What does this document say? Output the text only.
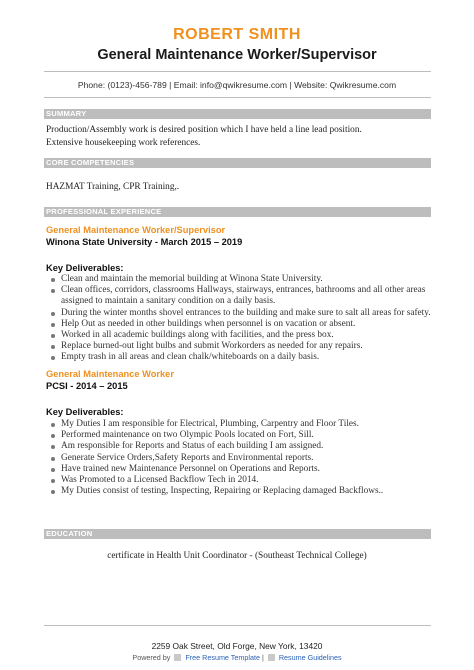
ROBERT SMITH
General Maintenance Worker/Supervisor
Phone: (0123)-456-789 | Email: info@qwikresume.com | Website: Qwikresume.com
SUMMARY
Production/Assembly work is desired position which I have held a line lead position.
Extensive housekeeping work references.
CORE COMPETENCIES
HAZMAT Training, CPR Training,.
PROFESSIONAL EXPERIENCE
General Maintenance Worker/Supervisor
Winona State University - March 2015 – 2019
Key Deliverables:
Clean and maintain the memorial building at Winona State University.
Clean offices, corridors, classrooms Hallways, stairways, entrances, bathrooms and all other areas assigned to maintain a sanitary condition on a daily basis.
During the winter months shovel entrances to the building and make sure to salt all areas for safety.
Help Out as needed in other buildings when personnel is on vacation or absent.
Worked in all academic buildings along with facilities, and the press box.
Replace burned-out light bulbs and submit Workorders as needed for any repairs.
Empty trash in all areas and clean chalk/whiteboards on a daily basis.
General Maintenance Worker
PCSI - 2014 – 2015
Key Deliverables:
My Duties I am responsible for Electrical, Plumbing, Carpentry and Floor Tiles.
Performed maintenance on two Olympic Pools located on Fort, Sill.
Am responsible for Reports and Status of each building I am assigned.
Generate Service Orders,Safety Reports and Environmental reports.
Have trained new Maintenance Personnel on Operations and Reports.
Was Promoted to a Licensed Backflow Tech in 2014.
My Duties consist of testing, Inspecting, Repairing or Replacing damaged Backflows..
EDUCATION
certificate in Health Unit Coordinator - (Southeast Technical College)
2259 Oak Street, Old Forge, New York, 13420
Powered by Free Resume Template | Resume Guidelines
